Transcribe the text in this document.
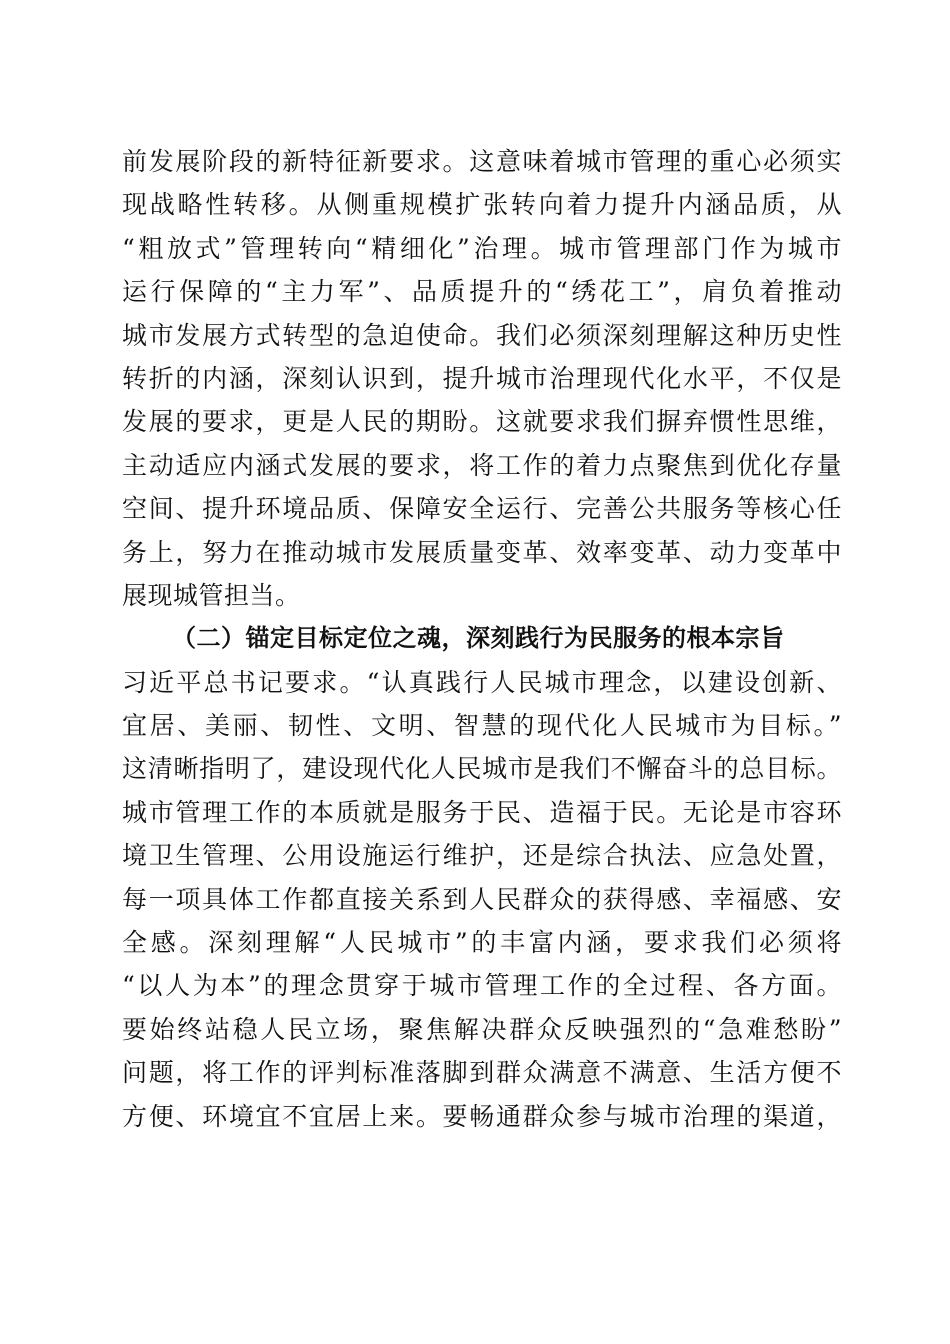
前发展阶段的新特征新要求。这意味着城市管理的重心必须实
现战略性转移。从侧重规模扩张转向着力提升内涵品质，从
“粗放式”管理转向“精细化”治理。城市管理部门作为城市
运行保障的“主力军”、品质提升的“绣花工”，肩负着推动
城市发展方式转型的急迫使命。我们必须深刻理解这种历史性
转折的内涵，深刻认识到，提升城市治理现代化水平，不仅是
发展的要求，更是人民的期盼。这就要求我们摒弃惯性思维，
主动适应内涵式发展的要求，将工作的着力点聚焦到优化存量
空间、提升环境品质、保障安全运行、完善公共服务等核心任
务上，努力在推动城市发展质量变革、效率变革、动力变革中
展现城管担当。
（二）锚定目标定位之魂，深刻践行为民服务的根本宗旨
习近平总书记要求。“认真践行人民城市理念，以建设创新、
宜居、美丽、韧性、文明、智慧的现代化人民城市为目标。”
这清晰指明了，建设现代化人民城市是我们不懈奋斗的总目标。
城市管理工作的本质就是服务于民、造福于民。无论是市容环
境卫生管理、公用设施运行维护，还是综合执法、应急处置，
每一项具体工作都直接关系到人民群众的获得感、幸福感、安
全感。深刻理解“人民城市”的丰富内涵，要求我们必须将
“以人为本”的理念贯穿于城市管理工作的全过程、各方面。
要始终站稳人民立场，聚焦解决群众反映强烈的“急难愁盼”
问题，将工作的评判标准落脚到群众满意不满意、生活方便不
方便、环境宜不宜居上来。要畅通群众参与城市治理的渠道，
